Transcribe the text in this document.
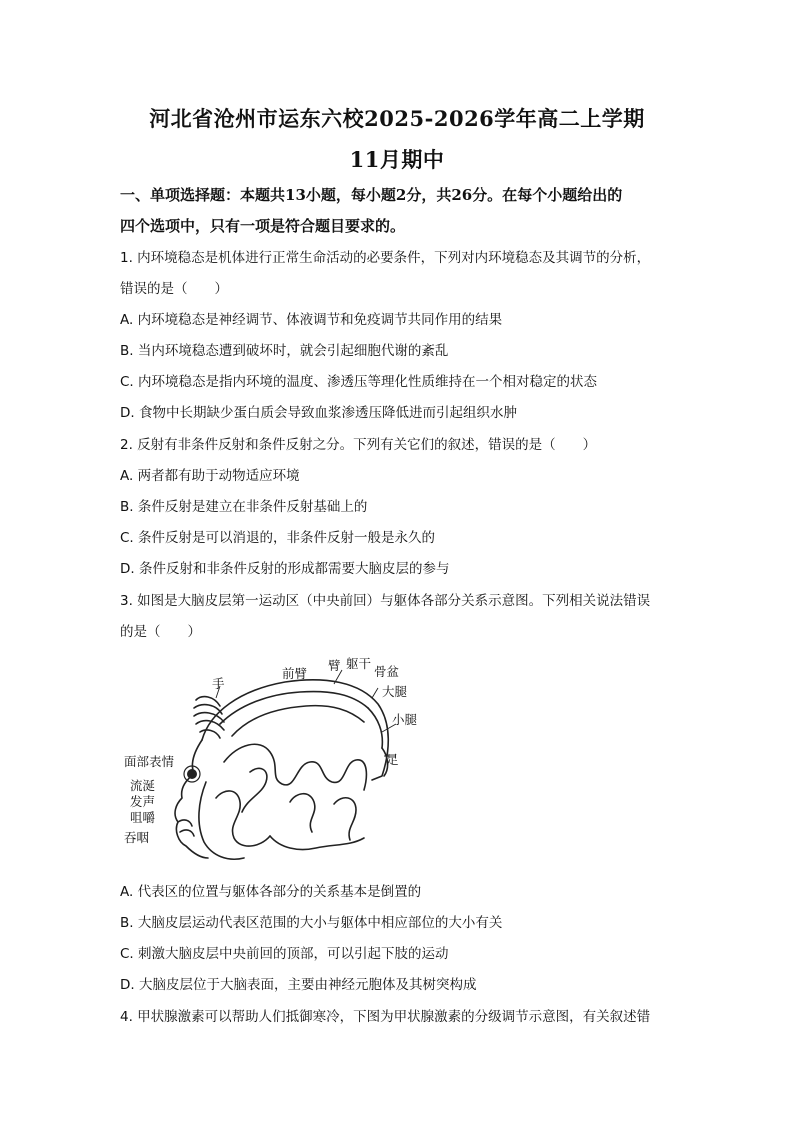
河北省沧州市运东六校2025-2026学年高二上学期
11月期中
一、单项选择题：本题共13小题，每小题2分，共26分。在每个小题给出的
四个选项中，只有一项是符合题目要求的。
1. 内环境稳态是机体进行正常生命活动的必要条件，下列对内环境稳态及其调节的分析，
错误的是（　　）
A. 内环境稳态是神经调节、体液调节和免疫调节共同作用的结果
B. 当内环境稳态遭到破坏时，就会引起细胞代谢的紊乱
C. 内环境稳态是指内环境的温度、渗透压等理化性质维持在一个相对稳定的状态
D. 食物中长期缺少蛋白质会导致血浆渗透压降低进而引起组织水肿
2. 反射有非条件反射和条件反射之分。下列有关它们的叙述，错误的是（　　）
A. 两者都有助于动物适应环境
B. 条件反射是建立在非条件反射基础上的
C. 条件反射是可以消退的，非条件反射一般是永久的
D. 条件反射和非条件反射的形成都需要大脑皮层的参与
3. 如图是大脑皮层第一运动区（中央前回）与躯体各部分关系示意图。下列相关说法错误
的是（　　）
手
前臂
臂 躯干
骨盆
大腿
小腿
足
面部表情
流涎
发声
咀嚼
吞咽
A. 代表区的位置与躯体各部分的关系基本是倒置的
B. 大脑皮层运动代表区范围的大小与躯体中相应部位的大小有关
C. 刺激大脑皮层中央前回的顶部，可以引起下肢的运动
D. 大脑皮层位于大脑表面，主要由神经元胞体及其树突构成
4. 甲状腺激素可以帮助人们抵御寒冷，下图为甲状腺激素的分级调节示意图，有关叙述错
